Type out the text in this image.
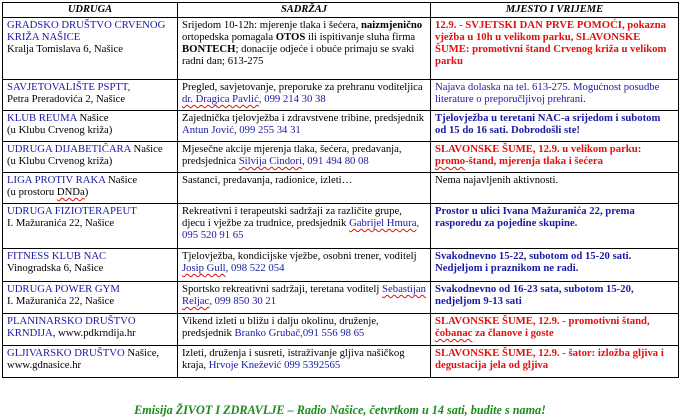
UDRUGA	SADRŽAJ	MJESTO I VRIJEME

GRADSKO DRUŠTVO CRVENOG KRIŽA NAŠICE
Kralja Tomislava 6, Našice	Srijedom 10-12h: mjerenje tlaka i šećera, naizmjenično ortopedska pomagala OTOS ili ispitivanje sluha firma BONTECH; donacije odjeće i obuće primaju se svaki radni dan; 613-275	12.9. - SVJETSKI DAN PRVE POMOĆI, pokazna vježba u 10h u velikom parku, SLAVONSKE ŠUME: promotivni štand Crvenog križa u velikom parku

SAVJETOVALIŠTE PSPTT,
Petra Preradovića 2, Našice	Pregled, savjetovanje, preporuke za prehranu voditeljica dr. Dragica Pavlić, 099 214 30 38	Najava dolaska na tel. 613-275. Mogućnost posudbe literature o preporučljivoj prehrani.

KLUB REUMA Našice
(u Klubu Crvenog križa)	Zajednička tjelovježba i zdravstvene tribine, predsjednik Antun Jović, 099 255 34 31	Tjelovježba u teretani NAC-a srijedom i subotom od 15 do 16 sati. Dobrodošli ste!

UDRUGA DIJABETIČARA Našice
(u Klubu Crvenog križa)	Mjesečne akcije mjerenja tlaka, šećera, predavanja, predsjednica Silvija Cindori, 091 494 80 08	SLAVONSKE ŠUME, 12.9. u velikom parku: promo-štand, mjerenja tlaka i šećera

LIGA PROTIV RAKA Našice
(u prostoru DNDa)	Sastanci, predavanja, radionice, izleti…	Nema najavljenih aktivnosti.

UDRUGA FIZIOTERAPEUT
I. Mažuranića 22, Našice	Rekreativni i terapeutski sadržaji za različite grupe, djecu i vježbe za trudnice, predsjednik Gabrijel Hmura, 095 520 91 65	Prostor u ulici Ivana Mažuranića 22, prema rasporedu za pojedine skupine.

FITNESS KLUB NAC
Vinogradska 6, Našice	Tjelovježba, kondicijske vježbe, osobni trener, voditelj Josip Gull, 098 522 054	Svakodnevno 15-22, subotom od 15-20 sati. Nedjeljom i praznikom ne radi.

UDRUGA POWER GYM
I. Mažuranića 22, Našice	Sportsko rekreativni sadržaji, teretana voditelj Sebastijan Reljac, 099 850 30 21	Svakodnevno od 16-23 sata, subotom 15-20, nedjeljom 9-13 sati

PLANINARSKO DRUŠTVO KRNDIJA, www.pdkrndija.hr	Vikend izleti u bližu i dalju okolinu, druženje, predsjednik Branko Grubač,091 556 98 65	SLAVONSKE ŠUME, 12.9. - promotivni štand, čobanac za članove i goste

GLJIVARSKO DRUŠTVO Našice, www.gdnasice.hr	Izleti, druženja i susreti, istraživanje gljiva našičkog kraja, Hrvoje Knežević 099 5392565	SLAVONSKE ŠUME, 12.9. - šator: izložba gljiva i degustacija jela od gljiva
Emisija ŽIVOT I ZDRAVLJE – Radio Našice, četvrtkom u 14 sati, budite s nama!
